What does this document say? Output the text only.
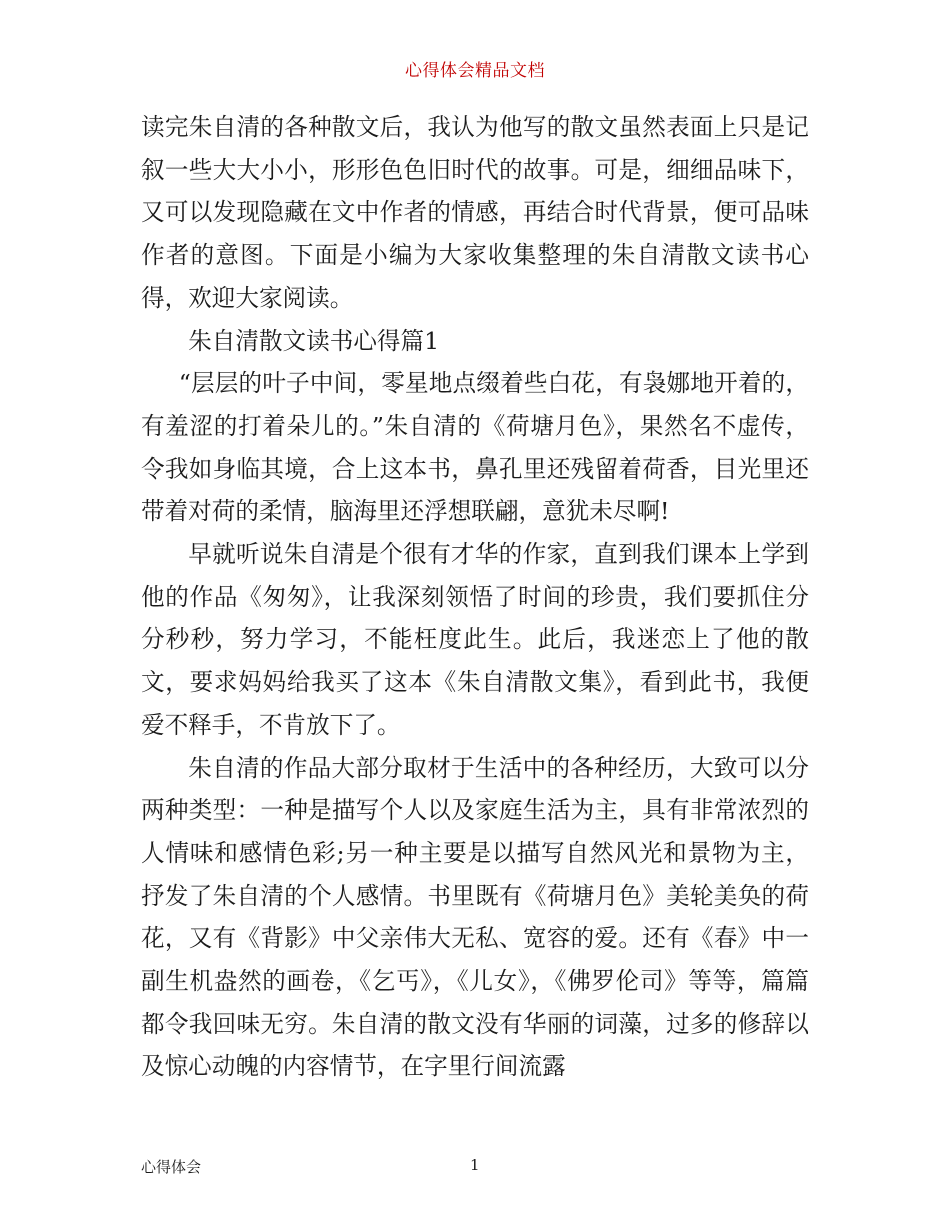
心得体会精品文档

读完朱自清的各种散文后，我认为他写的散文虽然表面上只是记叙一些大大小小，形形色色旧时代的故事。可是，细细品味下，又可以发现隐藏在文中作者的情感，再结合时代背景，便可品味作者的意图。下面是小编为大家收集整理的朱自清散文读书心得，欢迎大家阅读。

朱自清散文读书心得篇1

“层层的叶子中间，零星地点缀着些白花，有袅娜地开着的，有羞涩的打着朵儿的。”朱自清的《荷塘月色》，果然名不虚传，令我如身临其境，合上这本书，鼻孔里还残留着荷香，目光里还带着对荷的柔情，脑海里还浮想联翩，意犹未尽啊!

早就听说朱自清是个很有才华的作家，直到我们课本上学到他的作品《匆匆》，让我深刻领悟了时间的珍贵，我们要抓住分分秒秒，努力学习，不能枉度此生。此后，我迷恋上了他的散文，要求妈妈给我买了这本《朱自清散文集》，看到此书，我便爱不释手，不肯放下了。

朱自清的作品大部分取材于生活中的各种经历，大致可以分两种类型：一种是描写个人以及家庭生活为主，具有非常浓烈的人情味和感情色彩;另一种主要是以描写自然风光和景物为主，抒发了朱自清的个人感情。书里既有《荷塘月色》美轮美奂的荷花，又有《背影》中父亲伟大无私、宽容的爱。还有《春》中一副生机盎然的画卷，《乞丐》，《儿女》，《佛罗伦司》等等，篇篇都令我回味无穷。朱自清的散文没有华丽的词藻，过多的修辞以及惊心动魄的内容情节，在字里行间流露

心得体会	1
